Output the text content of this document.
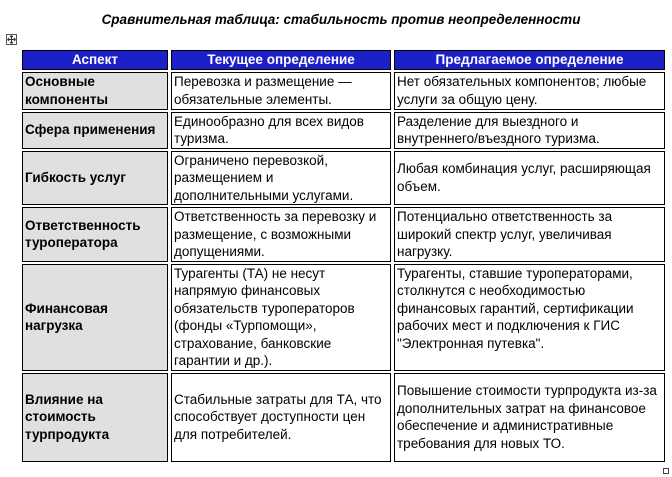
Сравнительная таблица: стабильность против неопределенности
Аспект	Текущее определение	Предлагаемое определение
Основные компоненты	Перевозка и размещение — обязательные элементы.	Нет обязательных компонентов; любые услуги за общую цену.
Сфера применения	Единообразно для всех видов туризма.	Разделение для выездного и внутреннего/въездного туризма.
Гибкость услуг	Ограничено перевозкой, размещением и дополнительными услугами.	Любая комбинация услуг, расширяющая объем.
Ответственность туроператора	Ответственность за перевозку и размещение, с возможными допущениями.	Потенциально ответственность за широкий спектр услуг, увеличивая нагрузку.
Финансовая нагрузка	Турагенты (ТА) не несут напрямую финансовых обязательств туроператоров (фонды «Турпомощи», страхование, банковские гарантии и др.).	Турагенты, ставшие туроператорами, столкнутся с необходимостью финансовых гарантий, сертификации рабочих мест и подключения к ГИС "Электронная путевка".
Влияние на стоимость турпродукта	Стабильные затраты для ТА, что способствует доступности цен для потребителей.	Повышение стоимости турпродукта из-за дополнительных затрат на финансовое обеспечение и административные требования для новых ТО.
